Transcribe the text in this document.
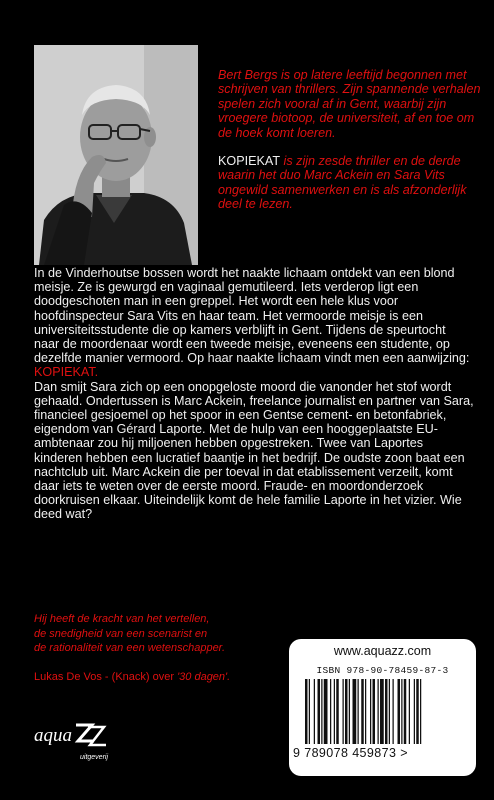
Bert Bergs is op latere leeftijd begonnen met schrijven van thrillers. Zijn spannende verhalen spelen zich vooral af in Gent, waarbij zijn vroegere biotoop, de universiteit, af en toe om de hoek komt loeren.

KOPIEKAT is zijn zesde thriller en de derde waarin het duo Marc Ackein en Sara Vits ongewild samenwerken en is als afzonderlijk deel te lezen.

In de Vinderhoutse bossen wordt het naakte lichaam ontdekt van een blond meisje. Ze is gewurgd en vaginaal gemutileerd. Iets verderop ligt een doodgeschoten man in een greppel. Het wordt een hele klus voor hoofdinspecteur Sara Vits en haar team. Het vermoorde meisje is een universiteitsstudente die op kamers verblijft in Gent. Tijdens de speurtocht naar de moordenaar wordt een tweede meisje, eveneens een studente, op dezelfde manier vermoord. Op haar naakte lichaam vindt men een aanwijzing:
KOPIEKAT.

Dan smijt Sara zich op een onopgeloste moord die vanonder het stof wordt gehaald. Ondertussen is Marc Ackein, freelance journalist en partner van Sara, financieel gesjoemel op het spoor in een Gentse cement- en betonfabriek, eigendom van Gérard Laporte. Met de hulp van een hooggeplaatste EU-ambtenaar zou hij miljoenen hebben opgestreken. Twee van Laportes kinderen hebben een lucratief baantje in het bedrijf. De oudste zoon baat een nachtclub uit. Marc Ackein die per toeval in dat etablissement verzeilt, komt daar iets te weten over de eerste moord. Fraude- en moordonderzoek doorkruisen elkaar. Uiteindelijk komt de hele familie Laporte in het vizier. Wie deed wat?

Hij heeft de kracht van het vertellen,
de snedigheid van een scenarist en
de rationaliteit van een wetenschapper.
Lukas De Vos - (Knack) over '30 dagen'.
aqua
uitgeverij
www.aquazz.com
ISBN 978-90-78459-87-3
9 789078 459873 >
